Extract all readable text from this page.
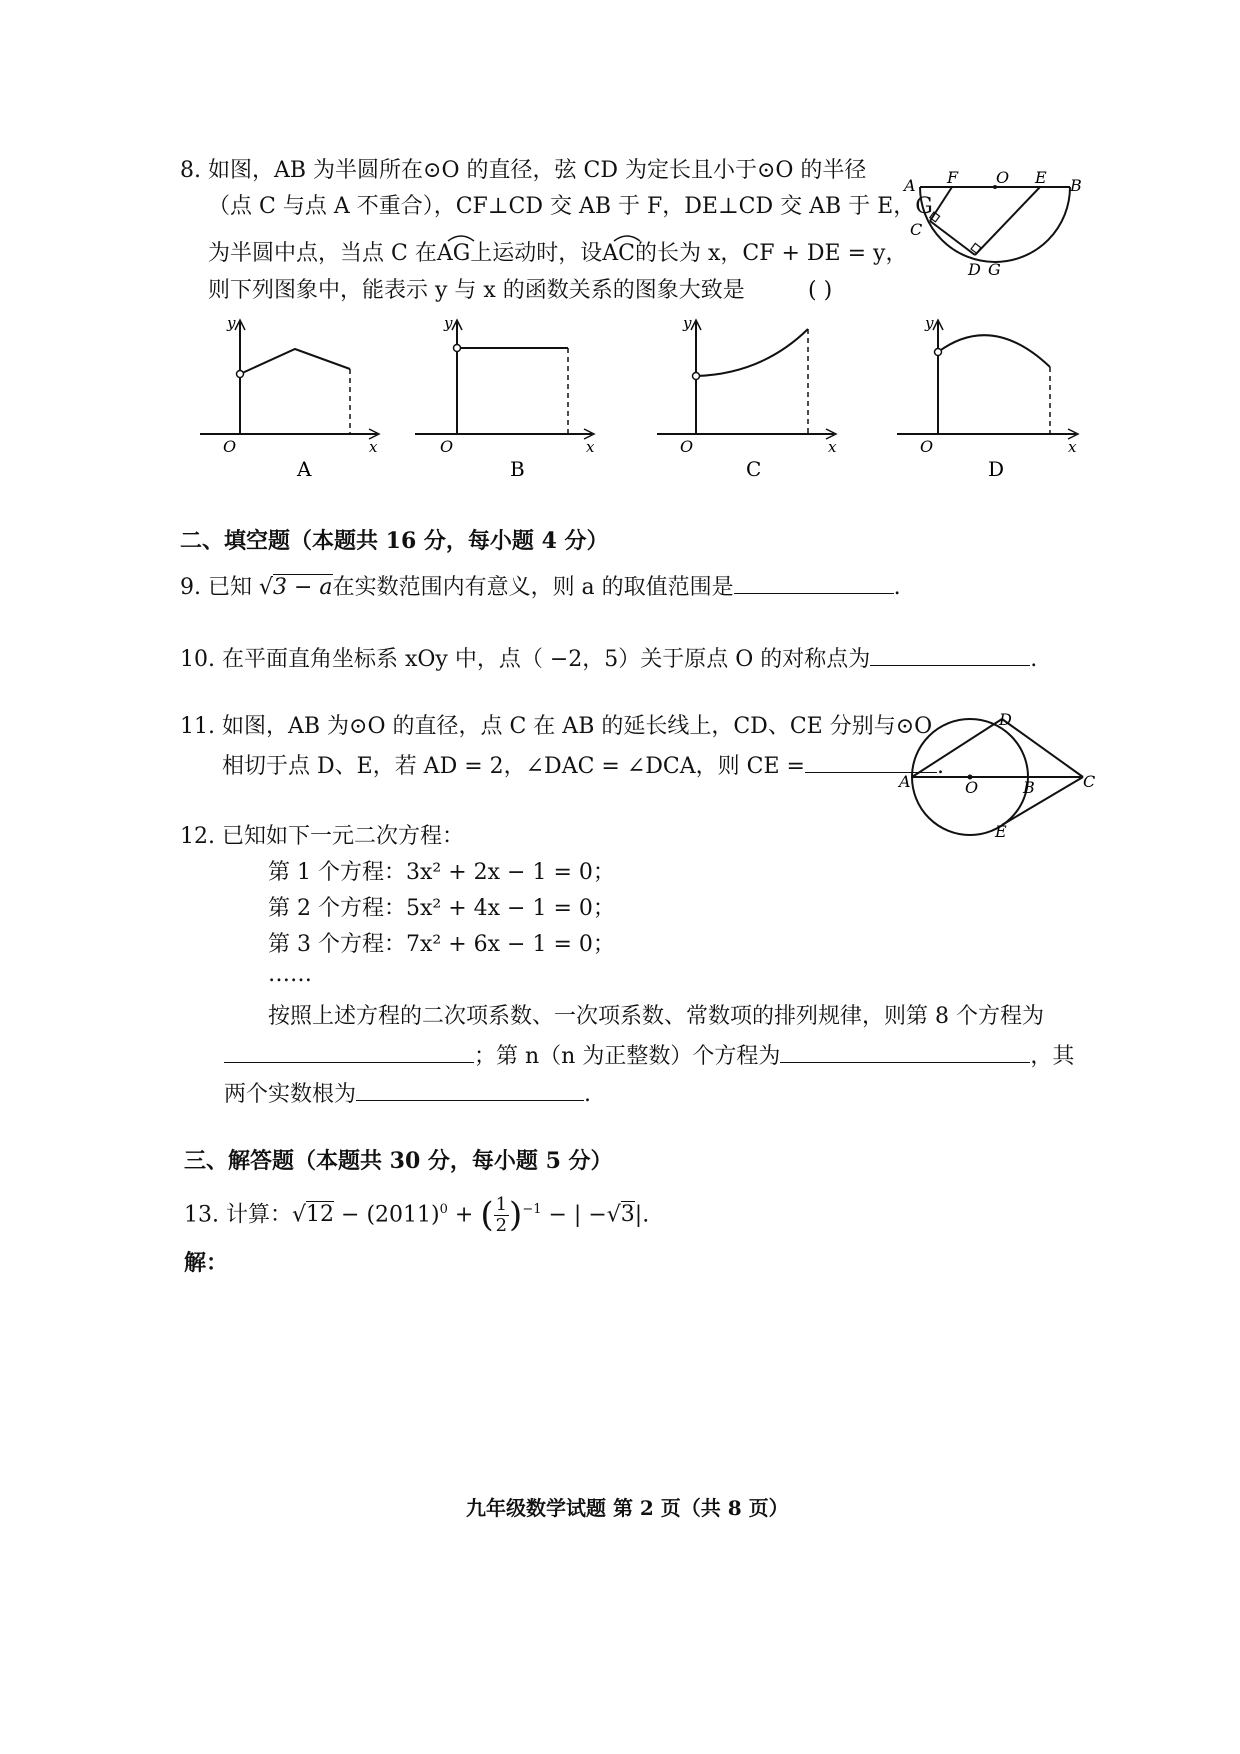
8. 如图，AB 为半圆所在⊙O 的直径，弦 CD 为定长且小于⊙O 的半径
（点 C 与点 A 不重合），CF⊥CD 交 AB 于 F，DE⊥CD 交 AB 于 E，G
为半圆中点，当点 C 在AG上运动时，设AC的长为 x，CF + DE = y，
则下列图象中，能表示 y 与 x 的函数关系的图象大致是	( )
A F O E B
C
D G
y
O	x
A
y
O	x
B
y
O	x
C
y
O	x
D
二、填空题（本题共 16 分，每小题 4 分）
9. 已知 √3 − a在实数范围内有意义，则 a 的取值范围是	.
10. 在平面直角坐标系 xOy 中，点（ −2，5）关于原点 O 的对称点为	.
11. 如图，AB 为⊙O 的直径，点 C 在 AB 的延长线上，CD、CE 分别与⊙O
相切于点 D、E，若 AD = 2，∠DAC = ∠DCA，则 CE =	.
A	O	B	C
D
E
12. 已知如下一元二次方程：
第 1 个方程：3x² + 2x − 1 = 0；
第 2 个方程：5x² + 4x − 1 = 0；
第 3 个方程：7x² + 6x − 1 = 0；
……
按照上述方程的二次项系数、一次项系数、常数项的排列规律，则第 8 个方程为
；第 n（n 为正整数）个方程为	，其
两个实数根为	.
三、解答题（本题共 30 分，每小题 5 分）
13. 计算：$√12 - (2011)^0$ + ( $\frac{1}{2} )^{-1}$ − | −√3|.
解：
九年级数学试题 第 2 页（共 8 页）
